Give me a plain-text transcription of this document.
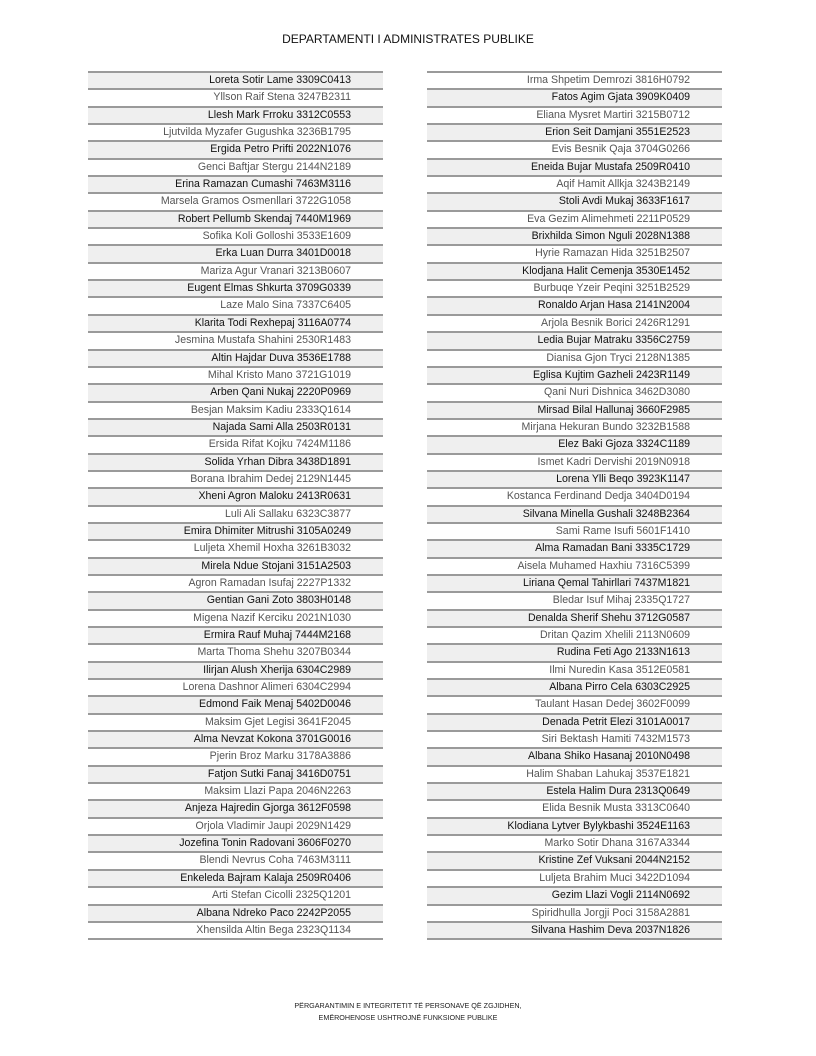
DEPARTAMENTI I ADMINISTRATES PUBLIKE
Loreta Sotir Lame 3309C0413
Yllson Raif Stena 3247B2311
Llesh Mark Frroku 3312C0553
Ljutvilda Myzafer Gugushka 3236B1795
Ergida Petro Prifti 2022N1076
Genci Baftjar Stergu 2144N2189
Erina Ramazan Cumashi 7463M3116
Marsela Gramos Osmenllari 3722G1058
Robert Pellumb Skendaj 7440M1969
Sofika Koli Golloshi 3533E1609
Erka Luan Durra 3401D0018
Mariza Agur Vranari 3213B0607
Eugent Elmas Shkurta 3709G0339
Laze Malo Sina 7337C6405
Klarita Todi Rexhepaj 3116A0774
Jesmina Mustafa Shahini 2530R1483
Altin Hajdar Duva 3536E1788
Mihal Kristo Mano 3721G1019
Arben Qani Nukaj 2220P0969
Besjan Maksim Kadiu 2333Q1614
Najada Sami Alla 2503R0131
Ersida Rifat Kojku 7424M1186
Solida Yrhan Dibra 3438D1891
Borana Ibrahim Dedej 2129N1445
Xheni Agron Maloku 2413R0631
Luli Ali Sallaku 6323C3877
Emira Dhimiter Mitrushi 3105A0249
Luljeta Xhemil Hoxha 3261B3032
Mirela Ndue Stojani 3151A2503
Agron Ramadan Isufaj 2227P1332
Gentian Gani Zoto 3803H0148
Migena Nazif Kerciku 2021N1030
Ermira Rauf Muhaj 7444M2168
Marta Thoma Shehu 3207B0344
Ilirjan Alush Xherija 6304C2989
Lorena Dashnor Alimeri 6304C2994
Edmond Faik Menaj 5402D0046
Maksim Gjet Legisi 3641F2045
Alma Nevzat Kokona 3701G0016
Pjerin Broz Marku 3178A3886
Fatjon Sutki Fanaj 3416D0751
Maksim Llazi Papa 2046N2263
Anjeza Hajredin Gjorga 3612F0598
Orjola Vladimir Jaupi 2029N1429
Jozefina Tonin Radovani 3606F0270
Blendi Nevrus Coha 7463M3111
Enkeleda Bajram Kalaja 2509R0406
Arti Stefan Cicolli 2325Q1201
Albana Ndreko Paco 2242P2055
Xhensilda Altin Bega 2323Q1134
Irma Shpetim Demrozi 3816H0792
Fatos Agim Gjata 3909K0409
Eliana Mysret Martiri 3215B0712
Erion Seit Damjani 3551E2523
Evis Besnik Qaja 3704G0266
Eneida Bujar Mustafa 2509R0410
Aqif Hamit Allkja 3243B2149
Stoli Avdi Mukaj 3633F1617
Eva Gezim Alimehmeti 2211P0529
Brixhilda Simon Nguli 2028N1388
Hyrie Ramazan Hida 3251B2507
Klodjana Halit Cemenja 3530E1452
Burbuqe Yzeir Peqini 3251B2529
Ronaldo Arjan Hasa 2141N2004
Arjola Besnik Borici 2426R1291
Ledia Bujar Matraku 3356C2759
Dianisa Gjon Tryci 2128N1385
Eglisa Kujtim Gazheli 2423R1149
Qani Nuri Dishnica 3462D3080
Mirsad Bilal Hallunaj 3660F2985
Mirjana Hekuran Bundo 3232B1588
Elez Baki Gjoza 3324C1189
Ismet Kadri Dervishi 2019N0918
Lorena Ylli Beqo 3923K1147
Kostanca Ferdinand Dedja 3404D0194
Silvana Minella Gushali 3248B2364
Sami Rame Isufi 5601F1410
Alma Ramadan Bani 3335C1729
Aisela Muhamed Haxhiu 7316C5399
Liriana Qemal Tahirllari 7437M1821
Bledar Isuf Mihaj 2335Q1727
Denalda Sherif Shehu 3712G0587
Dritan Qazim Xhelili 2113N0609
Rudina Feti Ago 2133N1613
Ilmi Nuredin Kasa 3512E0581
Albana Pirro Cela 6303C2925
Taulant Hasan Dedej 3602F0099
Denada Petrit Elezi 3101A0017
Siri Bektash Hamiti 7432M1573
Albana Shiko Hasanaj 2010N0498
Halim Shaban Lahukaj 3537E1821
Estela Halim Dura 2313Q0649
Elida Besnik Musta 3313C0640
Klodiana Lytver Bylykbashi 3524E1163
Marko Sotir Dhana 3167A3344
Kristine Zef Vuksani 2044N2152
Luljeta Brahim Muci 3422D1094
Gezim Llazi Vogli 2114N0692
Spiridhulla Jorgji Poci 3158A2881
Silvana Hashim Deva 2037N1826
PËRGARANTIMIN E INTEGRITETIT TË PERSONAVE QË ZGJIDHEN,
EMËROHENOSE USHTROJNË FUNKSIONE PUBLIKE
